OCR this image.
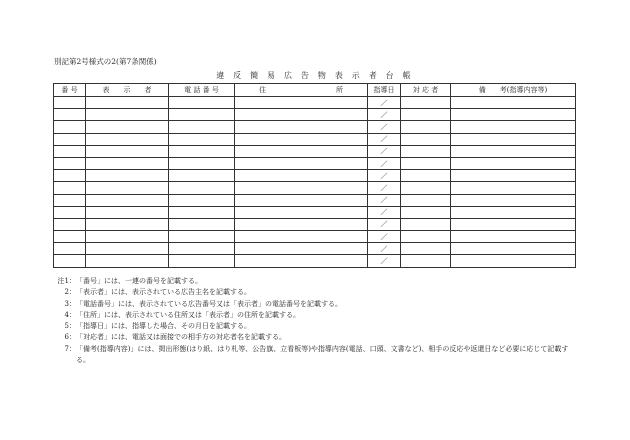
別記第2号様式の2(第7条関係)
違 反 簡 易 広 告 物 表 示 者 台 帳
番 号	表　　示　　者	電 話 番 号	住　　　　　　　　　　所	指導日	対 応 者	備　　考(指導内容等)
				／		
				／		
				／		
				／		
				／		
				／		
				／		
				／		
				／		
				／		
				／		
				／		
				／		
				／		
注1： 「番号」には、一連の番号を記載する。
2： 「表示者」には、表示されている広告主名を記載する。
3： 「電話番号」には、表示されている広告番号又は「表示者」の電話番号を記載する。
4： 「住所」には、表示されている住所又は「表示者」の住所を記載する。
5： 「指導日」には、指導した場合、その月日を記載する。
6： 「対応者」には、電話又は面接での相手方の対応者名を記載する。
7： 「備考(指導内容)」には、掲出形態(はり紙、はり札等、公告旗、立看板等)や指導内容(電話、口頭、文書など)、相手の反応や返還日など必要に応じて記載する。
